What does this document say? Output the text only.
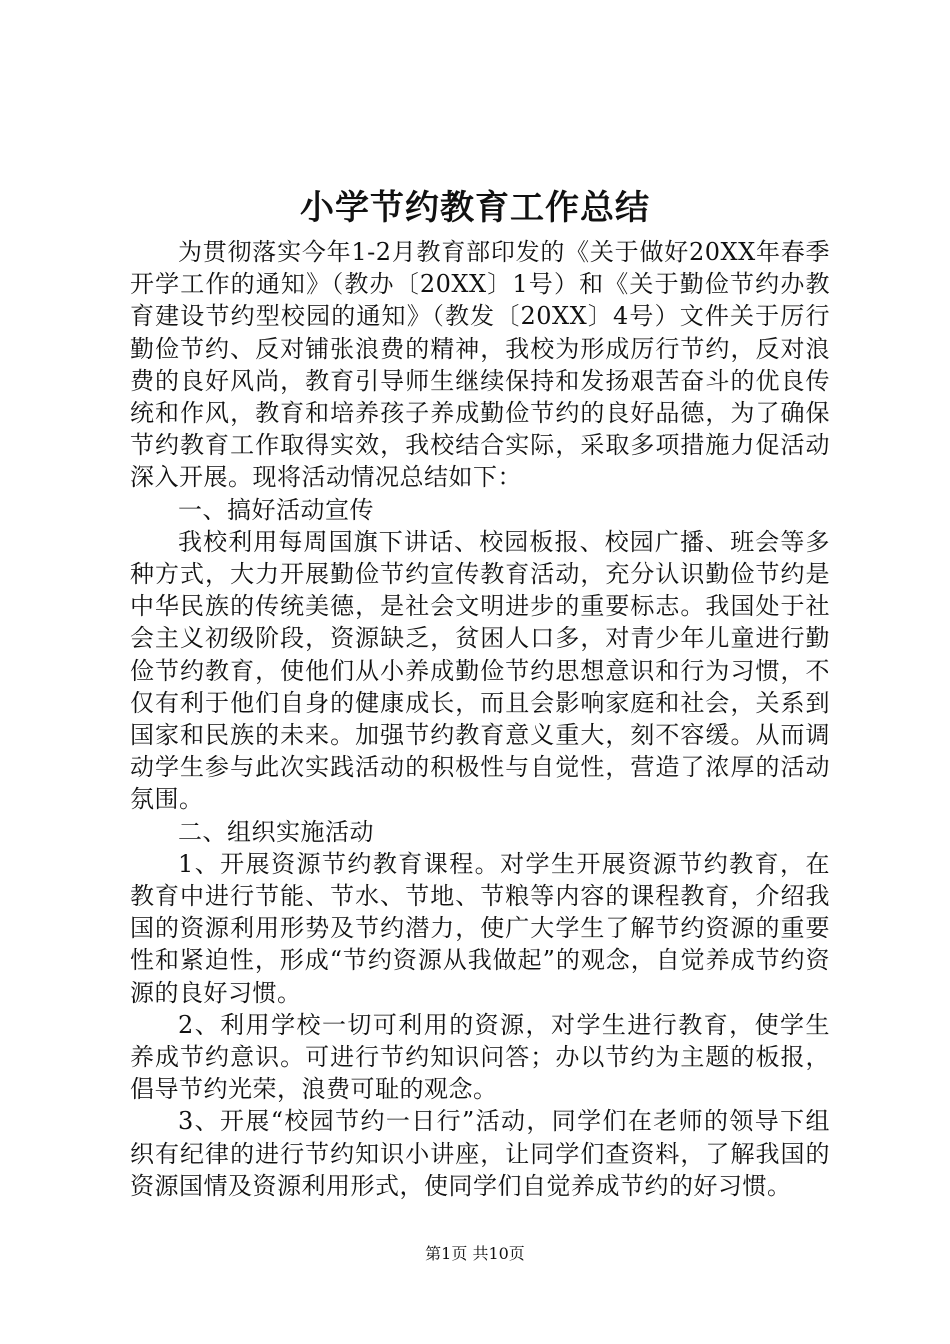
小学节约教育工作总结

为贯彻落实今年1-2月教育部印发的《关于做好20XX年春季开学工作的通知》（教办〔20XX〕1号）和《关于勤俭节约办教育建设节约型校园的通知》（教发〔20XX〕4号）文件关于厉行勤俭节约、反对铺张浪费的精神，我校为形成厉行节约，反对浪费的良好风尚，教育引导师生继续保持和发扬艰苦奋斗的优良传统和作风，教育和培养孩子养成勤俭节约的良好品德，为了确保节约教育工作取得实效，我校结合实际，采取多项措施力促活动深入开展。现将活动情况总结如下：

一、搞好活动宣传

我校利用每周国旗下讲话、校园板报、校园广播、班会等多种方式，大力开展勤俭节约宣传教育活动，充分认识勤俭节约是中华民族的传统美德，是社会文明进步的重要标志。我国处于社会主义初级阶段，资源缺乏，贫困人口多，对青少年儿童进行勤俭节约教育，使他们从小养成勤俭节约思想意识和行为习惯，不仅有利于他们自身的健康成长，而且会影响家庭和社会，关系到国家和民族的未来。加强节约教育意义重大，刻不容缓。从而调动学生参与此次实践活动的积极性与自觉性，营造了浓厚的活动氛围。

二、组织实施活动

1、开展资源节约教育课程。对学生开展资源节约教育，在教育中进行节能、节水、节地、节粮等内容的课程教育，介绍我国的资源利用形势及节约潜力，使广大学生了解节约资源的重要性和紧迫性，形成“节约资源从我做起”的观念，自觉养成节约资源的良好习惯。

2、利用学校一切可利用的资源，对学生进行教育，使学生养成节约意识。可进行节约知识问答；办以节约为主题的板报，倡导节约光荣，浪费可耻的观念。

3、开展“校园节约一日行”活动，同学们在老师的领导下组织有纪律的进行节约知识小讲座，让同学们查资料，了解我国的资源国情及资源利用形式，使同学们自觉养成节约的好习惯。

第1页 共10页
